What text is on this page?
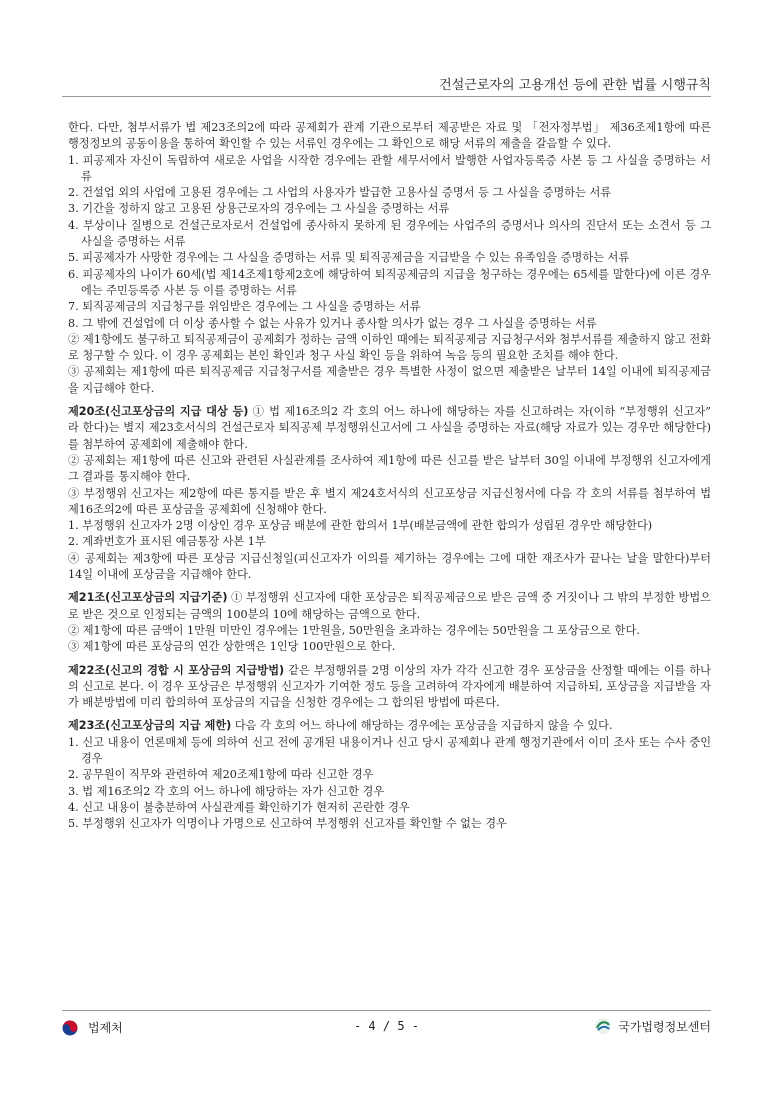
건설근로자의 고용개선 등에 관한 법률 시행규칙

한다. 다만, 첨부서류가 법 제23조의2에 따라 공제회가 관계 기관으로부터 제공받은 자료 및 「전자정부법」 제36조제1항에 따른 행정정보의 공동이용을 통하여 확인할 수 있는 서류인 경우에는 그 확인으로 해당 서류의 제출을 갈음할 수 있다.

1. 피공제자 자신이 독립하여 새로운 사업을 시작한 경우에는 관할 세무서에서 발행한 사업자등록증 사본 등 그 사실을 증명하는 서류

2. 건설업 외의 사업에 고용된 경우에는 그 사업의 사용자가 발급한 고용사실 증명서 등 그 사실을 증명하는 서류

3. 기간을 정하지 않고 고용된 상용근로자의 경우에는 그 사실을 증명하는 서류

4. 부상이나 질병으로 건설근로자로서 건설업에 종사하지 못하게 된 경우에는 사업주의 증명서나 의사의 진단서 또는 소견서 등 그 사실을 증명하는 서류

5. 피공제자가 사망한 경우에는 그 사실을 증명하는 서류 및 퇴직공제금을 지급받을 수 있는 유족임을 증명하는 서류

6. 피공제자의 나이가 60세(법 제14조제1항제2호에 해당하여 퇴직공제금의 지급을 청구하는 경우에는 65세를 말한다)에 이른 경우에는 주민등록증 사본 등 이를 증명하는 서류

7. 퇴직공제금의 지급청구를 위임받은 경우에는 그 사실을 증명하는 서류

8. 그 밖에 건설업에 더 이상 종사할 수 없는 사유가 있거나 종사할 의사가 없는 경우 그 사실을 증명하는 서류

② 제1항에도 불구하고 퇴직공제금이 공제회가 정하는 금액 이하인 때에는 퇴직공제금 지급청구서와 첨부서류를 제출하지 않고 전화로 청구할 수 있다. 이 경우 공제회는 본인 확인과 청구 사실 확인 등을 위하여 녹음 등의 필요한 조치를 해야 한다.

③ 공제회는 제1항에 따른 퇴직공제금 지급청구서를 제출받은 경우 특별한 사정이 없으면 제출받은 날부터 14일 이내에 퇴직공제금을 지급해야 한다.

제20조(신고포상금의 지급 대상 등) ① 법 제16조의2 각 호의 어느 하나에 해당하는 자를 신고하려는 자(이하 “부정행위 신고자” 라 한다)는 별지 제23호서식의 건설근로자 퇴직공제 부정행위신고서에 그 사실을 증명하는 자료(해당 자료가 있는 경우만 해당한다)를 첨부하여 공제회에 제출해야 한다.

② 공제회는 제1항에 따른 신고와 관련된 사실관계를 조사하여 제1항에 따른 신고를 받은 날부터 30일 이내에 부정행위 신고자에게 그 결과를 통지해야 한다.

③ 부정행위 신고자는 제2항에 따른 통지를 받은 후 별지 제24호서식의 신고포상금 지급신청서에 다음 각 호의 서류를 첨부하여 법 제16조의2에 따른 포상금을 공제회에 신청해야 한다.

1. 부정행위 신고자가 2명 이상인 경우 포상금 배분에 관한 합의서 1부(배분금액에 관한 합의가 성립된 경우만 해당한다)

2. 계좌번호가 표시된 예금통장 사본 1부

④ 공제회는 제3항에 따른 포상금 지급신청일(피신고자가 이의를 제기하는 경우에는 그에 대한 재조사가 끝나는 날을 말한다)부터 14일 이내에 포상금을 지급해야 한다.

제21조(신고포상금의 지급기준) ① 부정행위 신고자에 대한 포상금은 퇴직공제금으로 받은 금액 중 거짓이나 그 밖의 부정한 방법으로 받은 것으로 인정되는 금액의 100분의 10에 해당하는 금액으로 한다.

② 제1항에 따른 금액이 1만원 미만인 경우에는 1만원을, 50만원을 초과하는 경우에는 50만원을 그 포상금으로 한다.

③ 제1항에 따른 포상금의 연간 상한액은 1인당 100만원으로 한다.

제22조(신고의 경합 시 포상금의 지급방법) 같은 부정행위를 2명 이상의 자가 각각 신고한 경우 포상금을 산정할 때에는 이를 하나의 신고로 본다. 이 경우 포상금은 부정행위 신고자가 기여한 정도 등을 고려하여 각자에게 배분하여 지급하되, 포상금을 지급받을 자가 배분방법에 미리 합의하여 포상금의 지급을 신청한 경우에는 그 합의된 방법에 따른다.

제23조(신고포상금의 지급 제한) 다음 각 호의 어느 하나에 해당하는 경우에는 포상금을 지급하지 않을 수 있다.

1. 신고 내용이 언론매체 등에 의하여 신고 전에 공개된 내용이거나 신고 당시 공제회나 관계 행정기관에서 이미 조사 또는 수사 중인 경우

2. 공무원이 직무와 관련하여 제20조제1항에 따라 신고한 경우

3. 법 제16조의2 각 호의 어느 하나에 해당하는 자가 신고한 경우

4. 신고 내용이 불충분하여 사실관계를 확인하기가 현저히 곤란한 경우

5. 부정행위 신고자가 익명이나 가명으로 신고하여 부정행위 신고자를 확인할 수 없는 경우

법제처	- 4 / 5 -	국가법령정보센터
